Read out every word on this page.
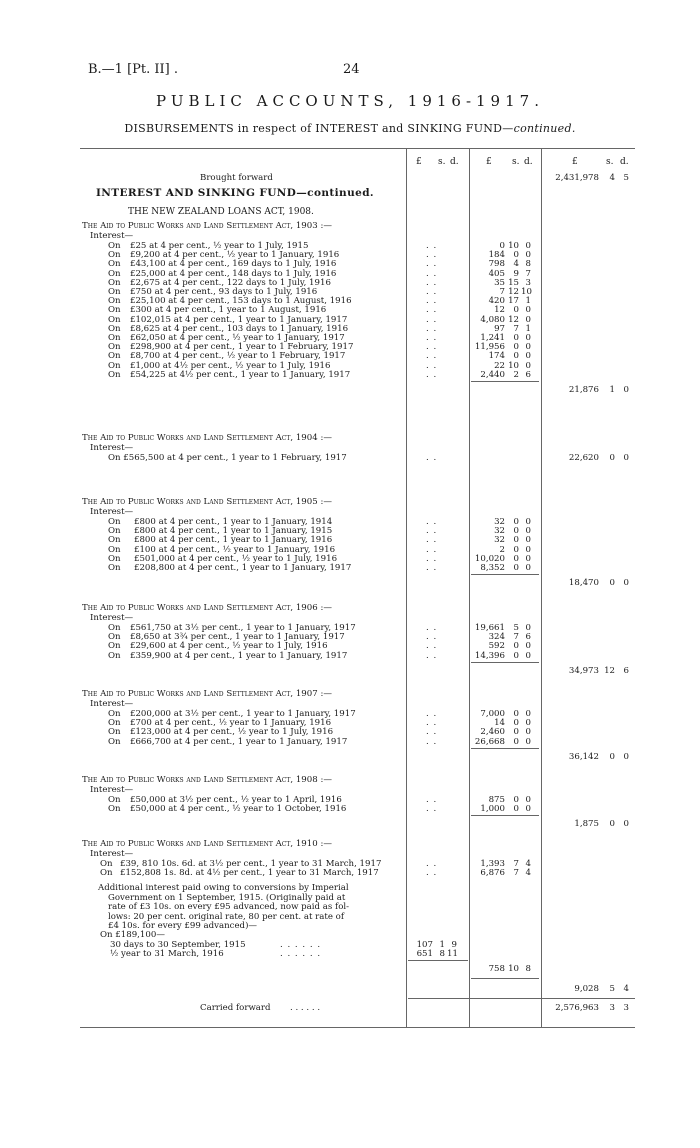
B.—1 [Pt. II] .	24
PUBLIC ACCOUNTS, 1916-1917.
DISBURSEMENTS in respect of INTEREST and SINKING FUND—continued.
£ s. d.	£ s. d.	£	s. d.
Brought forward	2,431,978	4 5
INTEREST AND SINKING FUND—continued.
THE NEW ZEALAND LOANS ACT, 1908.
The Aid to Public Works and Land Settlement Act, 1903 :—
Interest—
On £25 at 4 per cent., ½ year to 1 July, 1915	. .	0 10 0
On £9,200 at 4 per cent., ½ year to 1 January, 1916	. .	184 0 0
On £43,100 at 4 per cent., 169 days to 1 July, 1916	. .	798 4 8
On £25,000 at 4 per cent., 148 days to 1 July, 1916	. .	405 9 7
On £2,675 at 4 per cent., 122 days to 1 July, 1916	. .	35 15 3
On £750 at 4 per cent., 93 days to 1 July, 1916	. .	7 12 10
On £25,100 at 4 per cent., 153 days to 1 August, 1916	. .	420 17 1
On £300 at 4 per cent., 1 year to 1 August, 1916	. .	12 0 0
On £102,015 at 4 per cent., 1 year to 1 January, 1917	. .	4,080 12 0
On £8,625 at 4 per cent., 103 days to 1 January, 1916	. .	97 7 1
On £62,050 at 4 per cent., ½ year to 1 January, 1917	. .	1,241 0 0
On £298,900 at 4 per cent., 1 year to 1 February, 1917	. .	11,956 0 0
On £8,700 at 4 per cent., ½ year to 1 February, 1917	. .	174 0 0
On £1,000 at 4½ per cent., ½ year to 1 July, 1916	. .	22 10 0
On £54,225 at 4½ per cent., 1 year to 1 January, 1917	. .	2,440 2 6
21,876	1 0
The Aid to Public Works and Land Settlement Act, 1904 :—
Interest—
On £565,500 at 4 per cent., 1 year to 1 February, 1917	. .	22,620	0 0
The Aid to Public Works and Land Settlement Act, 1905 :—
Interest—
On £800 at 4 per cent., 1 year to 1 January, 1914	. .	32 0 0
On £800 at 4 per cent., 1 year to 1 January, 1915	. .	32 0 0
On £800 at 4 per cent., 1 year to 1 January, 1916	. .	32 0 0
On £100 at 4 per cent., ½ year to 1 January, 1916	. .	2 0 0
On £501,000 at 4 per cent., ½ year to 1 July, 1916	. .	10,020 0 0
On £208,800 at 4 per cent., 1 year to 1 January, 1917	. .	8,352 0 0
18,470	0 0
The Aid to Public Works and Land Settlement Act, 1906 :—
Interest—
On £561,750 at 3½ per cent., 1 year to 1 January, 1917	. .	19,661 5 0
On £8,650 at 3¾ per cent., 1 year to 1 January, 1917	. .	324 7 6
On £29,600 at 4 per cent., ½ year to 1 July, 1916	. .	592 0 0
On £359,900 at 4 per cent., 1 year to 1 January, 1917	. .	14,396 0 0
34,973 12 6
The Aid to Public Works and Land Settlement Act, 1907 :—
Interest—
On £200,000 at 3½ per cent., 1 year to 1 January, 1917	. .	7,000 0 0
On £700 at 4 per cent., ½ year to 1 January, 1916	. .	14 0 0
On £123,000 at 4 per cent., ½ year to 1 July, 1916	. .	2,460 0 0
On £666,700 at 4 per cent., 1 year to 1 January, 1917	. .	26,668 0 0
36,142	0 0
The Aid to Public Works and Land Settlement Act, 1908 :—
Interest—
On £50,000 at 3½ per cent., ½ year to 1 April, 1916	. .	875 0 0
On £50,000 at 4 per cent., ½ year to 1 October, 1916	. .	1,000 0 0
1,875	0 0
The Aid to Public Works and Land Settlement Act, 1910 :—
Interest—
On £39, 810 10s. 6d. at 3½ per cent., 1 year to 31 March, 1917	. .	1,393 7 4
On £152,808 1s. 8d. at 4½ per cent., 1 year to 31 March, 1917	. .	6,876 7 4
Additional interest paid owing to conversions by Imperial
Government on 1 September, 1915. (Originally paid at
rate of £3 10s. on every £95 advanced, now paid as fol-
lows: 20 per cent. original rate, 80 per cent. at rate of
£4 10s. for every £99 advanced)—
On £189,100—
30 days to 30 September, 1915	. . . . . .	107 1 9
½ year to 31 March, 1916	. . . . . .	651 8 11
758 10 8
9,028	5 4
Carried forward . . . . . .	2,576,963	3 3
